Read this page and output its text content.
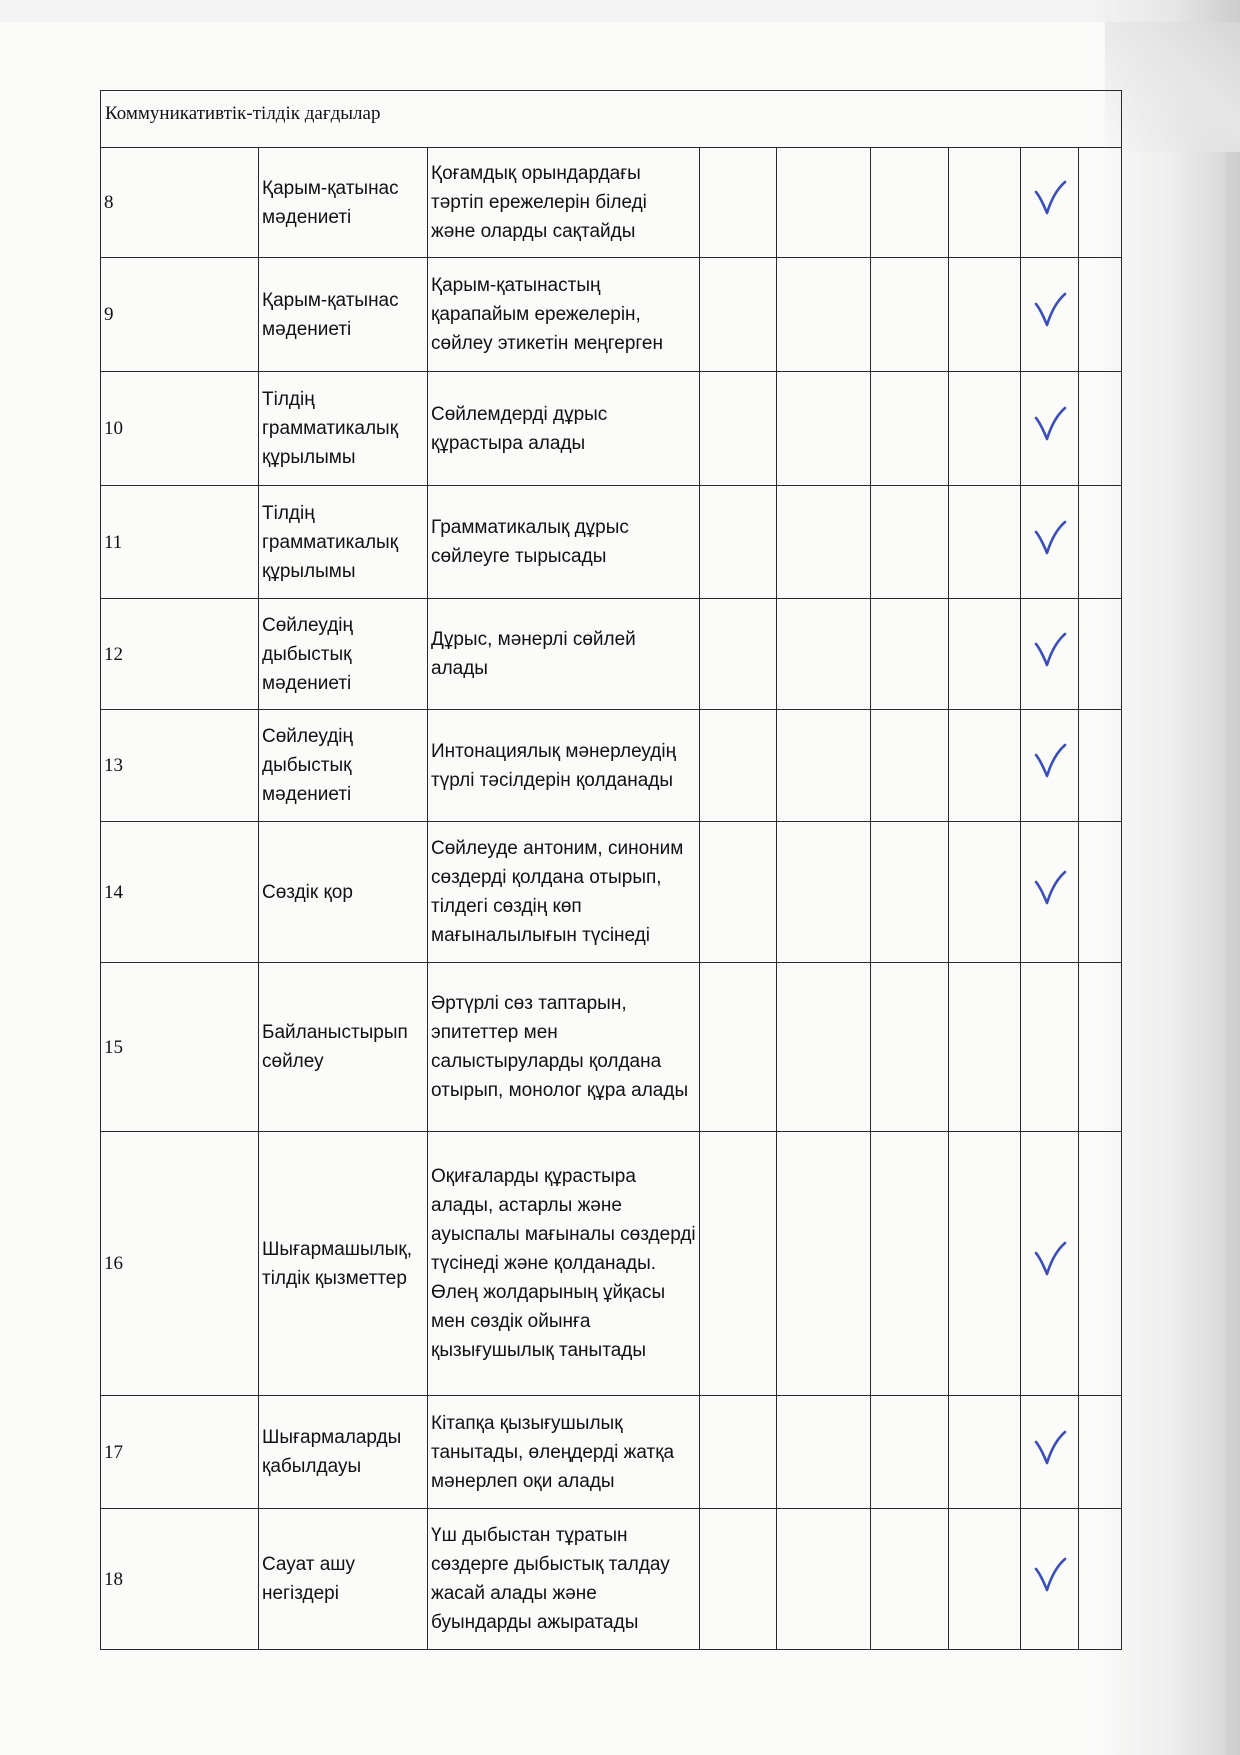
Коммуникативтік-тілдік дағдылар								
8	Қарым-қатынас мәдениеті	Қоғамдық орындардағы тәртіп ережелерін біледі және оларды сақтайды						
9	Қарым-қатынас мәдениеті	Қарым-қатынастың қарапайым ережелерін, сөйлеу этикетін меңгерген						
10	Тілдің грамматикалық құрылымы	Сөйлемдерді дұрыс құрастыра алады						
11	Тілдің грамматикалық құрылымы	Грамматикалық дұрыс сөйлеуге тырысады						
12	Сөйлеудің дыбыстық мәдениеті	Дұрыс, мәнерлі сөйлей алады						
13	Сөйлеудің дыбыстық мәдениеті	Интонациялық мәнерлеудің түрлі тәсілдерін қолданады						
14	Сөздік қор	Сөйлеуде антоним, синоним сөздерді қолдана отырып, тілдегі сөздің көп мағыналылығын түсінеді						
15	Байланыстырып сөйлеу	Әртүрлі сөз таптарын, эпитеттер мен салыстыруларды қолдана отырып, монолог құра алады						
16	Шығармашылық, тілдік қызметтер	Оқиғаларды құрастыра алады, астарлы және ауыспалы мағыналы сөздерді түсінеді және қолданады. Өлең жолдарының ұйқасы мен сөздік ойынға қызығушылық танытады						
17	Шығармаларды қабылдауы	Кітапқа қызығушылық танытады, өлеңдерді жатқа мәнерлеп оқи алады						
18	Сауат ашу негіздері	Үш дыбыстан тұратын сөздерге дыбыстық талдау жасай алады және буындарды ажыратады						
